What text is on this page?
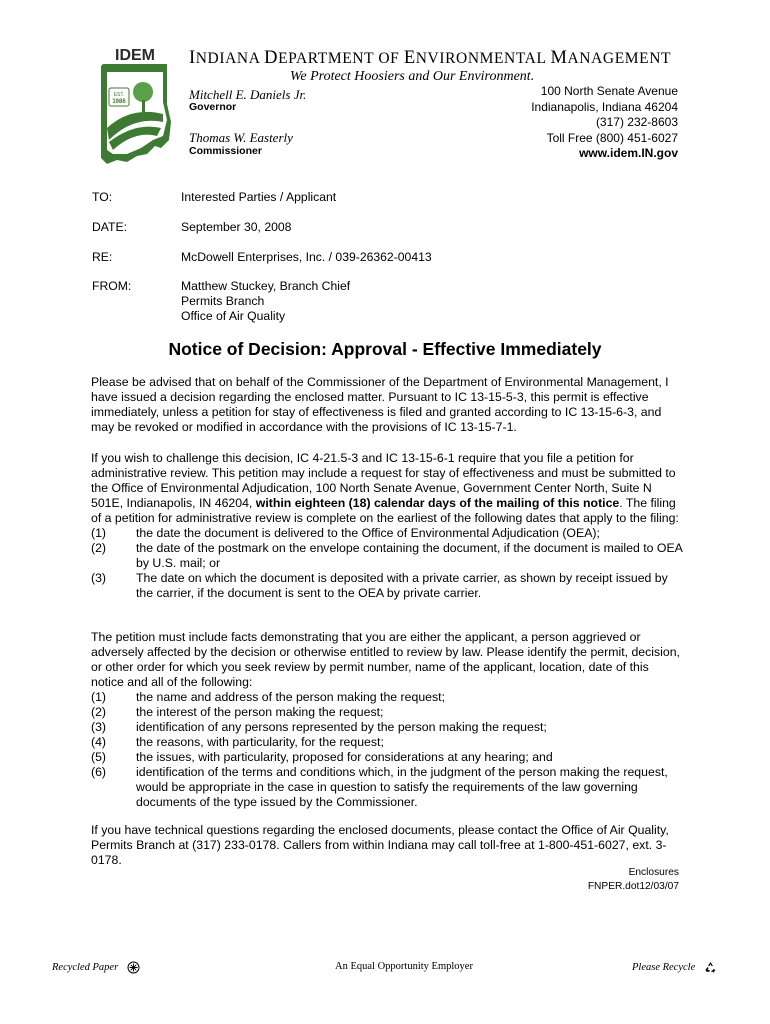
IDEM
EST.
1986
INDIANA DEPARTMENT OF ENVIRONMENTAL MANAGEMENT
We Protect Hoosiers and Our Environment.
Mitchell E. Daniels Jr.
Governor
Thomas W. Easterly
Commissioner
100 North Senate Avenue
Indianapolis, Indiana 46204
(317) 232-8603
Toll Free (800) 451-6027
www.idem.IN.gov
TO:	Interested Parties / Applicant
DATE:	September 30, 2008
RE:	McDowell Enterprises, Inc. / 039-26362-00413
FROM:	Matthew Stuckey, Branch Chief
Permits Branch
Office of Air Quality
Notice of Decision: Approval - Effective Immediately

Please be advised that on behalf of the Commissioner of the Department of Environmental Management, I have issued a decision regarding the enclosed matter. Pursuant to IC 13-15-5-3, this permit is effective immediately, unless a petition for stay of effectiveness is filed and granted according to IC 13-15-6-3, and may be revoked or modified in accordance with the provisions of IC 13-15-7-1.

If you wish to challenge this decision, IC 4-21.5-3 and IC 13-15-6-1 require that you file a petition for administrative review. This petition may include a request for stay of effectiveness and must be submitted to the Office of Environmental Adjudication, 100 North Senate Avenue, Government Center North, Suite N 501E, Indianapolis, IN 46204, within eighteen (18) calendar days of the mailing of this notice. The filing of a petition for administrative review is complete on the earliest of the following dates that apply to the filing:

(1)	the date the document is delivered to the Office of Environmental Adjudication (OEA);
(2)	the date of the postmark on the envelope containing the document, if the document is mailed to OEA by U.S. mail; or
(3)	The date on which the document is deposited with a private carrier, as shown by receipt issued by the carrier, if the document is sent to the OEA by private carrier.

The petition must include facts demonstrating that you are either the applicant, a person aggrieved or adversely affected by the decision or otherwise entitled to review by law. Please identify the permit, decision, or other order for which you seek review by permit number, name of the applicant, location, date of this notice and all of the following:

(1)	the name and address of the person making the request;
(2)	the interest of the person making the request;
(3)	identification of any persons represented by the person making the request;
(4)	the reasons, with particularity, for the request;
(5)	the issues, with particularity, proposed for considerations at any hearing; and
(6)	identification of the terms and conditions which, in the judgment of the person making the request, would be appropriate in the case in question to satisfy the requirements of the law governing documents of the type issued by the Commissioner.

If you have technical questions regarding the enclosed documents, please contact the Office of Air Quality, Permits Branch at (317) 233-0178. Callers from within Indiana may call toll-free at 1-800-451-6027, ext. 3-0178.

Enclosures
FNPER.dot12/03/07
Recycled Paper	An Equal Opportunity Employer	Please Recycle
